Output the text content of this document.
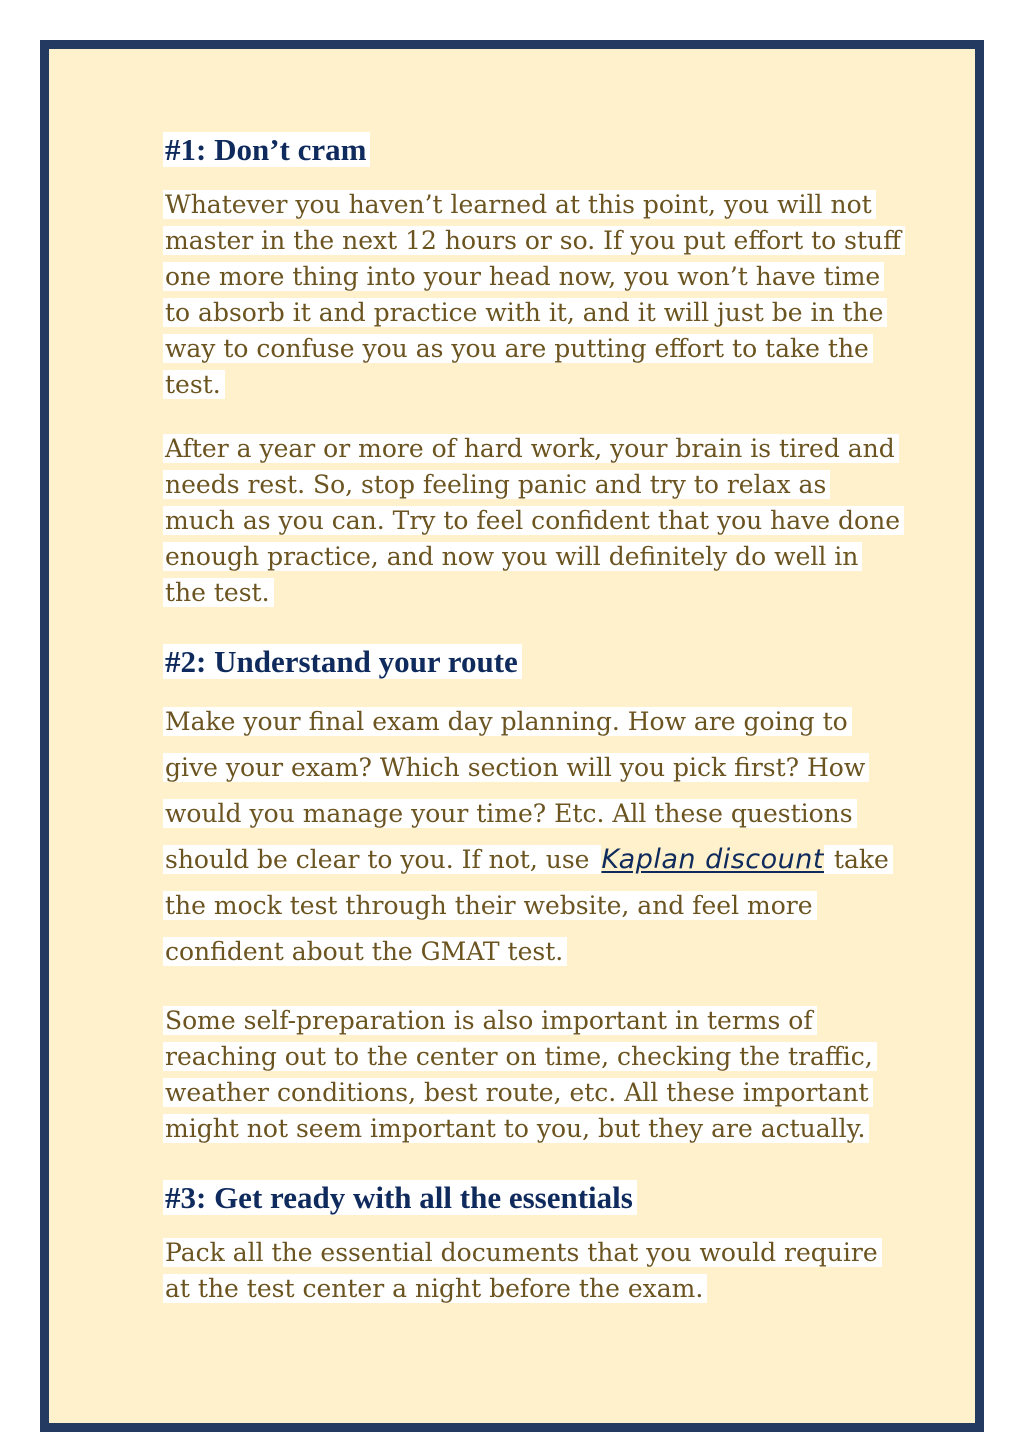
#1: Don’t cram

Whatever you haven’t learned at this point, you will not master in the next 12 hours or so. If you put effort to stuff one more thing into your head now, you won’t have time to absorb it and practice with it, and it will just be in the way to confuse you as you are putting effort to take the test.

After a year or more of hard work, your brain is tired and needs rest. So, stop feeling panic and try to relax as much as you can. Try to feel confident that you have done enough practice, and now you will definitely do well in the test.

#2: Understand your route

Make your final exam day planning. How are going to give your exam? Which section will you pick first? How would you manage your time? Etc. All these questions should be clear to you. If not, use Kaplan discount take the mock test through their website, and feel more confident about the GMAT test.

Some self-preparation is also important in terms of reaching out to the center on time, checking the traffic, weather conditions, best route, etc. All these important might not seem important to you, but they are actually.

#3: Get ready with all the essentials

Pack all the essential documents that you would require at the test center a night before the exam.
